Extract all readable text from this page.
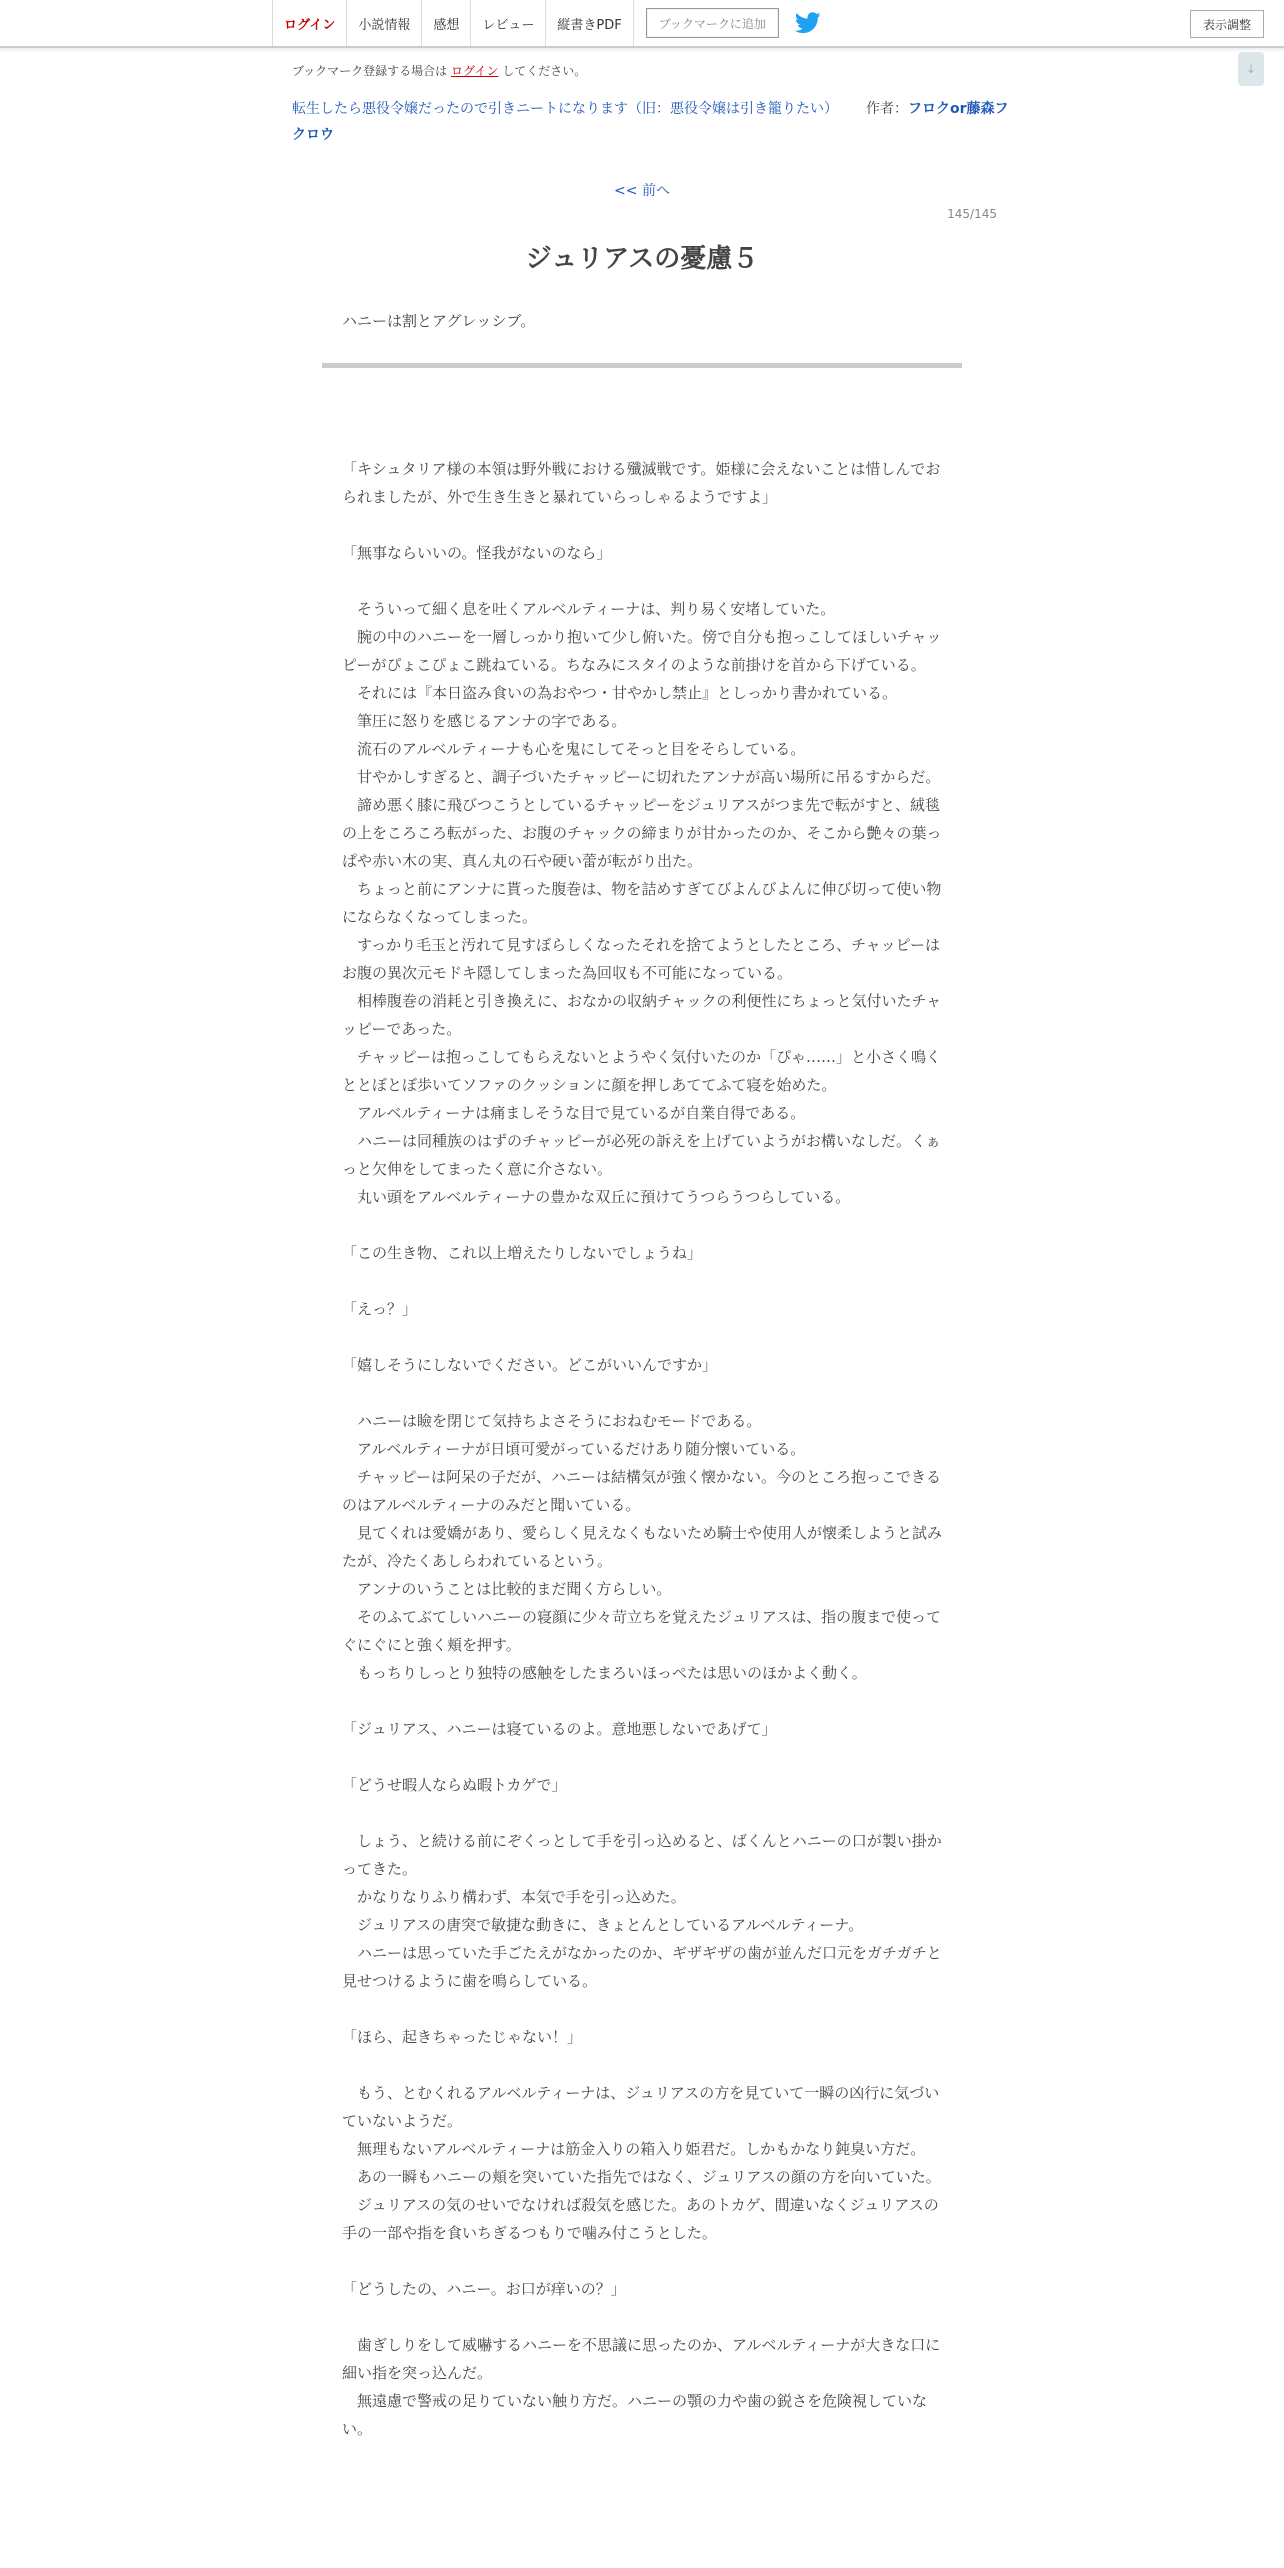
ログイン	小説情報	感想	レビュー	縦書きPDF	ブックマークに追加	表示調整
↓
ブックマーク登録する場合は ログイン してください。
転生したら悪役令嬢だったので引きニートになります（旧：悪役令嬢は引き籠りたい） 作者：フロクor藤森フクロウ
<< 前へ
145/145
ジュリアスの憂慮５
ハニーは割とアグレッシブ。

「キシュタリア様の本領は野外戦における殲滅戦です。姫様に会えないことは惜しんでおられましたが、外で生き生きと暴れていらっしゃるようですよ」

「無事ならいいの。怪我がないのなら」

　そういって細く息を吐くアルベルティーナは、判り易く安堵していた。

　腕の中のハニーを一層しっかり抱いて少し俯いた。傍で自分も抱っこしてほしいチャッピーがぴょこぴょこ跳ねている。ちなみにスタイのような前掛けを首から下げている。

　それには『本日盗み食いの為おやつ・甘やかし禁止』としっかり書かれている。

　筆圧に怒りを感じるアンナの字である。

　流石のアルベルティーナも心を鬼にしてそっと目をそらしている。

　甘やかしすぎると、調子づいたチャッピーに切れたアンナが高い場所に吊るすからだ。

　諦め悪く膝に飛びつこうとしているチャッピーをジュリアスがつま先で転がすと、絨毯の上をころころ転がった、お腹のチャックの締まりが甘かったのか、そこから艶々の葉っぱや赤い木の実、真ん丸の石や硬い蕾が転がり出た。

　ちょっと前にアンナに貰った腹巻は、物を詰めすぎてびよんびよんに伸び切って使い物にならなくなってしまった。

　すっかり毛玉と汚れて見すぼらしくなったそれを捨てようとしたところ、チャッピーはお腹の異次元モドキ隠してしまった為回収も不可能になっている。

　相棒腹巻の消耗と引き換えに、おなかの収納チャックの利便性にちょっと気付いたチャッピーであった。

　チャッピーは抱っこしてもらえないとようやく気付いたのか「ぴゃ……」と小さく鳴くととぼとぼ歩いてソファのクッションに顔を押しあててふて寝を始めた。

　アルベルティーナは痛ましそうな目で見ているが自業自得である。

　ハニーは同種族のはずのチャッピーが必死の訴えを上げていようがお構いなしだ。くぁっと欠伸をしてまったく意に介さない。

　丸い頭をアルベルティーナの豊かな双丘に預けてうつらうつらしている。

「この生き物、これ以上増えたりしないでしょうね」

「えっ？」

「嬉しそうにしないでください。どこがいいんですか」

　ハニーは瞼を閉じて気持ちよさそうにおねむモードである。

　アルベルティーナが日頃可愛がっているだけあり随分懐いている。

　チャッピーは阿呆の子だが、ハニーは結構気が強く懐かない。今のところ抱っこできるのはアルベルティーナのみだと聞いている。

　見てくれは愛嬌があり、愛らしく見えなくもないため騎士や使用人が懐柔しようと試みたが、冷たくあしらわれているという。

　アンナのいうことは比較的まだ聞く方らしい。

　そのふてぶてしいハニーの寝顔に少々苛立ちを覚えたジュリアスは、指の腹まで使ってぐにぐにと強く頬を押す。

　もっちりしっとり独特の感触をしたまろいほっぺたは思いのほかよく動く。

「ジュリアス、ハニーは寝ているのよ。意地悪しないであげて」

「どうせ暇人ならぬ暇トカゲで」

　しょう、と続ける前にぞくっとして手を引っ込めると、ばくんとハニーの口が製い掛かってきた。

　かなりなりふり構わず、本気で手を引っ込めた。

　ジュリアスの唐突で敏捷な動きに、きょとんとしているアルベルティーナ。

　ハニーは思っていた手ごたえがなかったのか、ギザギザの歯が並んだ口元をガチガチと見せつけるように歯を鳴らしている。

「ほら、起きちゃったじゃない！」

　もう、とむくれるアルベルティーナは、ジュリアスの方を見ていて一瞬の凶行に気づいていないようだ。

　無理もないアルベルティーナは筋金入りの箱入り姫君だ。しかもかなり鈍臭い方だ。

　あの一瞬もハニーの頬を突いていた指先ではなく、ジュリアスの顔の方を向いていた。

　ジュリアスの気のせいでなければ殺気を感じた。あのトカゲ、間違いなくジュリアスの手の一部や指を食いちぎるつもりで噛み付こうとした。

「どうしたの、ハニー。お口が痒いの？」

　歯ぎしりをして威嚇するハニーを不思議に思ったのか、アルベルティーナが大きな口に細い指を突っ込んだ。

　無遠慮で警戒の足りていない触り方だ。ハニーの顎の力や歯の鋭さを危険視していない。
